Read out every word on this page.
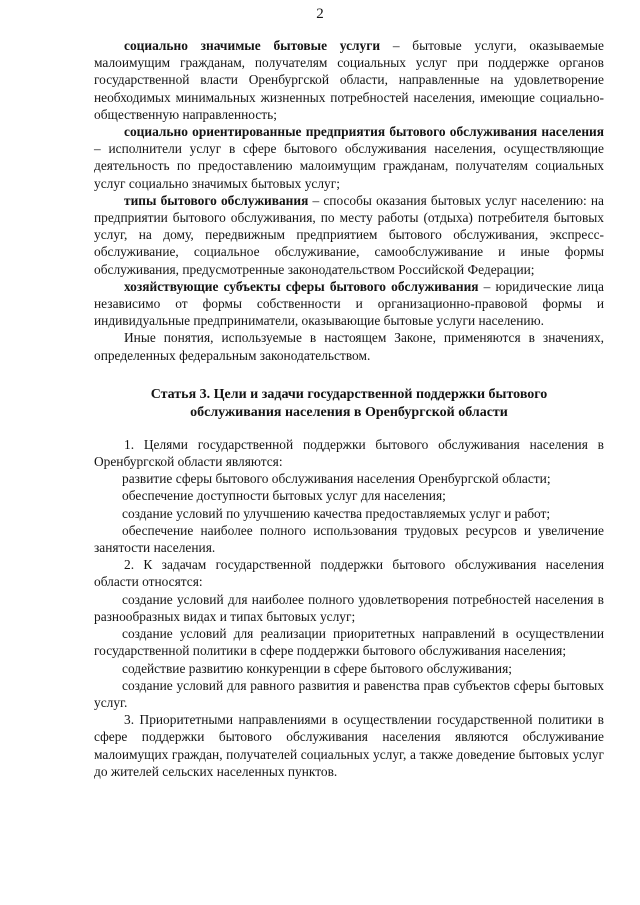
2

социально значимые бытовые услуги – бытовые услуги, оказываемые малоимущим гражданам, получателям социальных услуг при поддержке органов государственной власти Оренбургской области, направленные на удовлетворение необходимых минимальных жизненных потребностей населения, имеющие социально-общественную направленность;

социально ориентированные предприятия бытового обслуживания населения – исполнители услуг в сфере бытового обслуживания населения, осуществляющие деятельность по предоставлению малоимущим гражданам, получателям социальных услуг социально значимых бытовых услуг;

типы бытового обслуживания – способы оказания бытовых услуг населению: на предприятии бытового обслуживания, по месту работы (отдыха) потребителя бытовых услуг, на дому, передвижным предприятием бытового обслуживания, экспресс-обслуживание, социальное обслуживание, самообслуживание и иные формы обслуживания, предусмотренные законодательством Российской Федерации;

хозяйствующие субъекты сферы бытового обслуживания – юридические лица независимо от формы собственности и организационно-правовой формы и индивидуальные предприниматели, оказывающие бытовые услуги населению.

Иные понятия, используемые в настоящем Законе, применяются в значениях, определенных федеральным законодательством.

Статья 3. Цели и задачи государственной поддержки бытового
обслуживания населения в Оренбургской области

1. Целями государственной поддержки бытового обслуживания населения в Оренбургской области являются:

развитие сферы бытового обслуживания населения Оренбургской области;

обеспечение доступности бытовых услуг для населения;

создание условий по улучшению качества предоставляемых услуг и работ;

обеспечение наиболее полного использования трудовых ресурсов и увеличение занятости населения.

2. К задачам государственной поддержки бытового обслуживания населения области относятся:

создание условий для наиболее полного удовлетворения потребностей населения в разнообразных видах и типах бытовых услуг;

создание условий для реализации приоритетных направлений в осуществлении государственной политики в сфере поддержки бытового обслуживания населения;

содействие развитию конкуренции в сфере бытового обслуживания;

создание условий для равного развития и равенства прав субъектов сферы бытовых услуг.

3. Приоритетными направлениями в осуществлении государственной политики в сфере поддержки бытового обслуживания населения являются обслуживание малоимущих граждан, получателей социальных услуг, а также доведение бытовых услуг до жителей сельских населенных пунктов.
